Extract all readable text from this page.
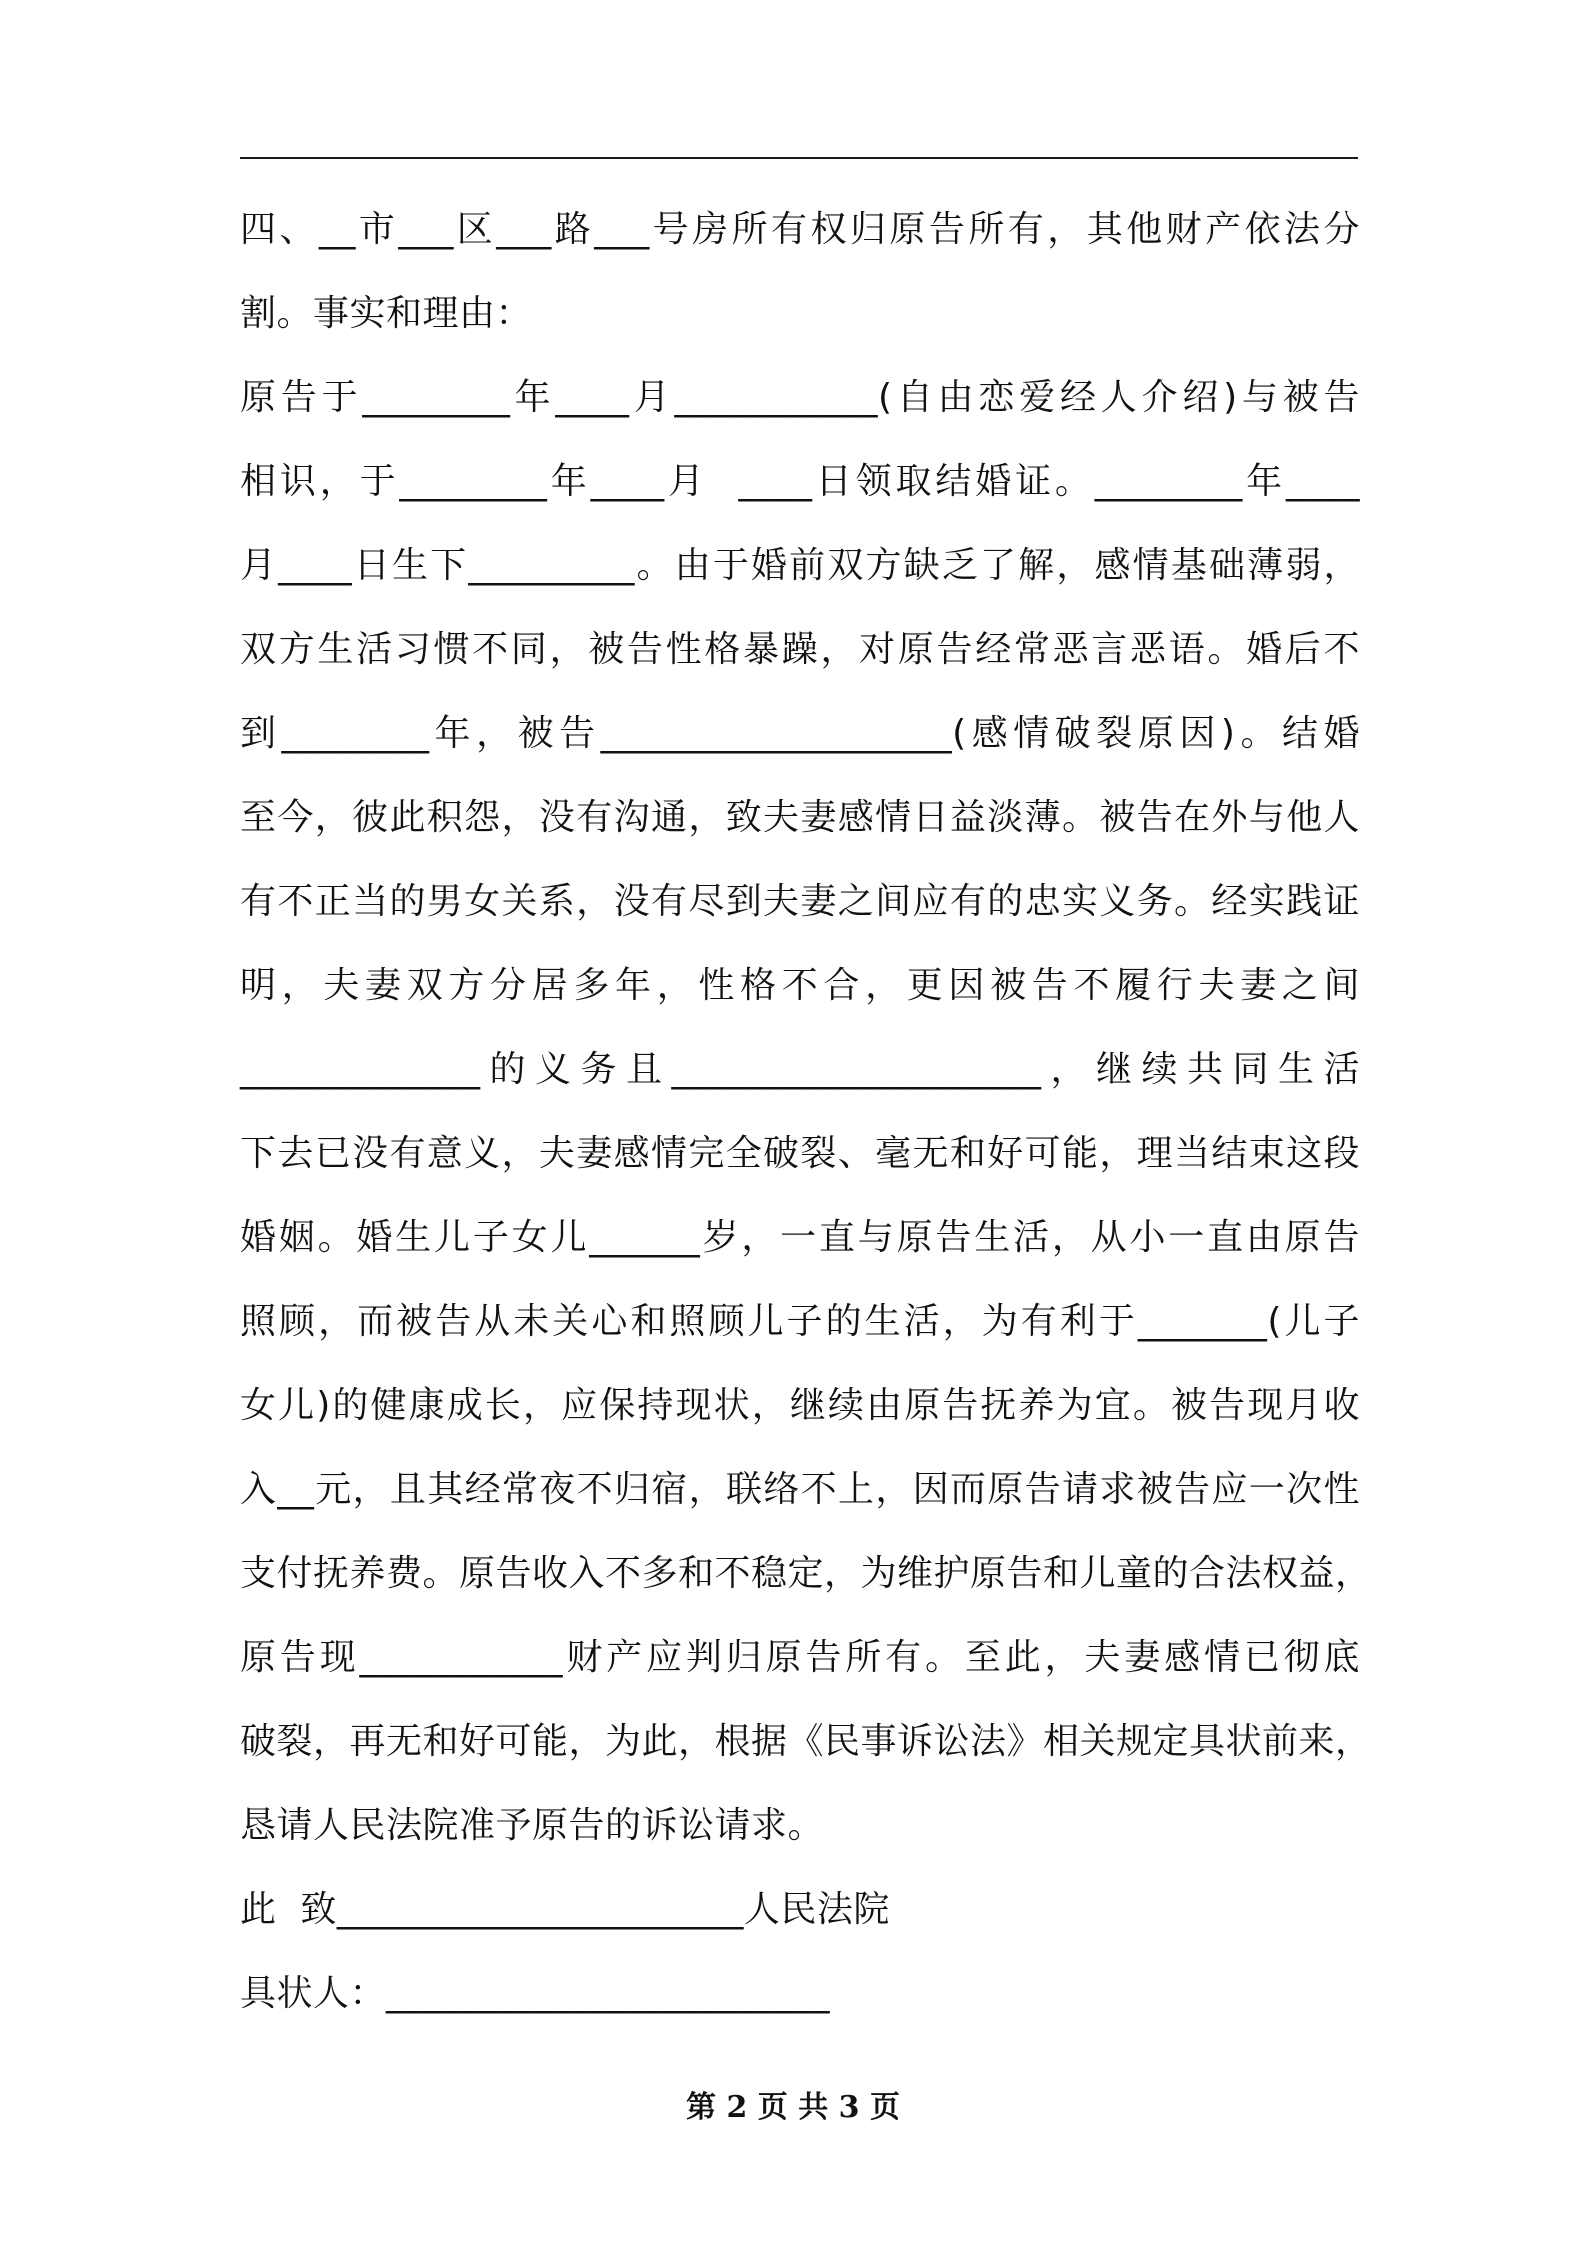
四、__市___区___路___号房所有权归原告所有，其他财产依法分
割。事实和理由：
原告于________年____月___________(自由恋爱经人介绍)与被告
相识，于________年____月  ____日领取结婚证。________年____
月____日生下_________。由于婚前双方缺乏了解，感情基础薄弱，
双方生活习惯不同，被告性格暴躁，对原告经常恶言恶语。婚后不
到________年，被告___________________(感情破裂原因)。结婚
至今，彼此积怨，没有沟通，致夫妻感情日益淡薄。被告在外与他人
有不正当的男女关系，没有尽到夫妻之间应有的忠实义务。经实践证
明，夫妻双方分居多年，性格不合，更因被告不履行夫妻之间
_____________的义务且____________________，继续共同生活
下去已没有意义，夫妻感情完全破裂、毫无和好可能，理当结束这段
婚姻。婚生儿子女儿______岁，一直与原告生活，从小一直由原告
照顾，而被告从未关心和照顾儿子的生活，为有利于_______(儿子
女儿)的健康成长，应保持现状，继续由原告抚养为宜。被告现月收
入__元，且其经常夜不归宿，联络不上，因而原告请求被告应一次性
支付抚养费。原告收入不多和不稳定，为维护原告和儿童的合法权益，
原告现___________财产应判归原告所有。至此，夫妻感情已彻底
破裂，再无和好可能，为此，根据《民事诉讼法》相关规定具状前来，
恳请人民法院准予原告的诉讼请求。
此  致______________________人民法院
具状人：________________________
第 2 页 共 3 页
